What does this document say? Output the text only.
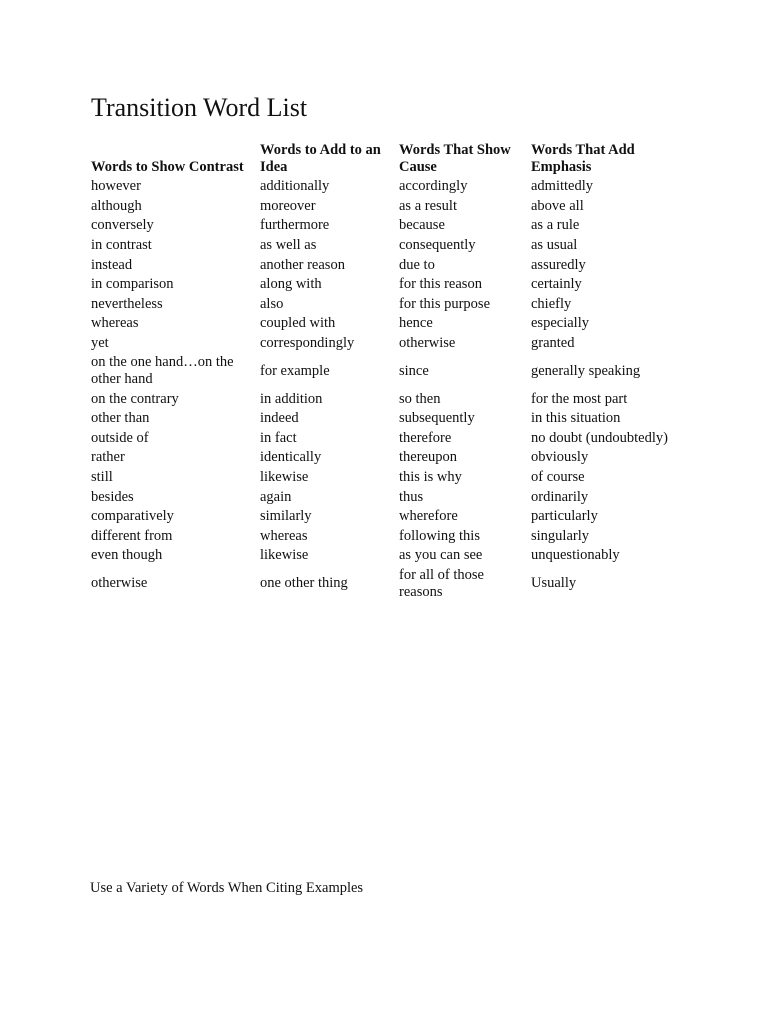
Transition Word List
Words to Show Contrast	Words to Add to an Idea	Words That Show Cause	Words That Add Emphasis
however	additionally	accordingly	admittedly
although	moreover	as a result	above all
conversely	furthermore	because	as a rule
in contrast	as well as	consequently	as usual
instead	another reason	due to	assuredly
in comparison	along with	for this reason	certainly
nevertheless	also	for this purpose	chiefly
whereas	coupled with	hence	especially
yet	correspondingly	otherwise	granted
on the one hand…on the other hand	for example	since	generally speaking
on the contrary	in addition	so then	for the most part
other than	indeed	subsequently	in this situation
outside of	in fact	therefore	no doubt (undoubtedly)
rather	identically	thereupon	obviously
still	likewise	this is why	of course
besides	again	thus	ordinarily
comparatively	similarly	wherefore	particularly
different from	whereas	following this	singularly
even though	likewise	as you can see	unquestionably
otherwise	one other thing	for all of those reasons	Usually
Use a Variety of Words When Citing Examples
